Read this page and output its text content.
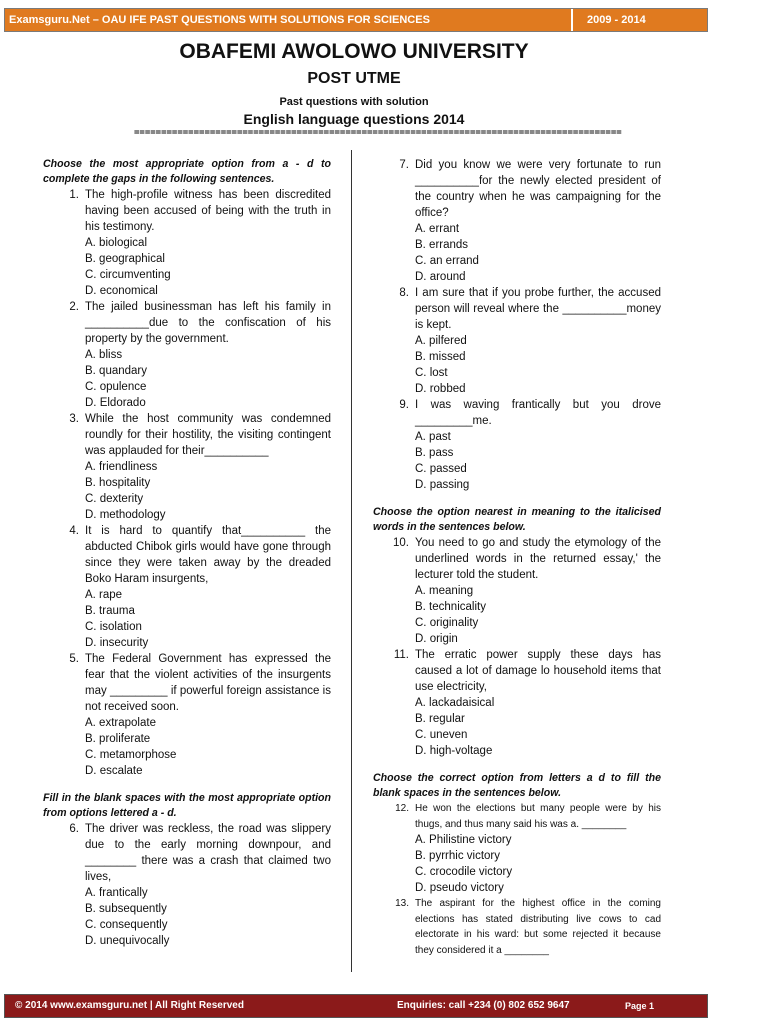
Examsguru.Net – OAU IFE PAST QUESTIONS WITH SOLUTIONS FOR SCIENCES	2009 - 2014
OBAFEMI AWOLOWO UNIVERSITY
POST UTME
Past questions with solution
English language questions 2014
==========================================================================================
Choose the most appropriate option from a - d to complete the gaps in the following sentences.
1. The high-profile witness has been discredited having been accused of being with the truth in his testimony.
A. biological
B. geographical
C. circumventing
D. economical
2. The jailed businessman has left his family in __________due to the confiscation of his property by the government.
A. bliss
B. quandary
C. opulence
D. Eldorado
3. While the host community was condemned roundly for their hostility, the visiting contingent was applauded for their__________
A. friendliness
B. hospitality
C. dexterity
D. methodology
4. It is hard to quantify that__________ the abducted Chibok girls would have gone through since they were taken away by the dreaded Boko Haram insurgents,
A. rape
B. trauma
C. isolation
D. insecurity
5. The Federal Government has expressed the fear that the violent activities of the insurgents may _________ if powerful foreign assistance is not received soon.
A. extrapolate
B. proliferate
C. metamorphose
D. escalate
Fill in the blank spaces with the most appropriate option from options lettered a - d.
6. The driver was reckless, the road was slippery due to the early morning downpour, and ________ there was a crash that claimed two lives,
A. frantically
B. subsequently
C. consequently
D. unequivocally
7. Did you know we were very fortunate to run __________for the newly elected president of the country when he was campaigning for the office?
A. errant
B. errands
C. an errand
D. around
8. I am sure that if you probe further, the accused person will reveal where the __________money is kept.
A. pilfered
B. missed
C. lost
D. robbed
9. I was waving frantically but you drove _________me.
A. past
B. pass
C. passed
D. passing
Choose the option nearest in meaning to the italicised words in the sentences below.
10. You need to go and study the etymology of the underlined words in the returned essay,' the lecturer told the student.
A. meaning
B. technicality
C. originality
D. origin
11. The erratic power supply these days has caused a lot of damage lo household items that use electricity,
A. lackadaisical
B. regular
C. uneven
D. high-voltage
Choose the correct option from letters a d to fill the blank spaces in the sentences below.
12. He won the elections but many people were by his thugs, and thus many said his was a. ________
A. Philistine victory
B. pyrrhic victory
C. crocodile victory
D. pseudo victory
13. The aspirant for the highest office in the coming elections has stated distributing live cows to cad electorate in his ward: but some rejected it because they considered it a ________
© 2014 www.examsguru.net | All Right Reserved	Enquiries: call +234 (0) 802 652 9647	Page 1
